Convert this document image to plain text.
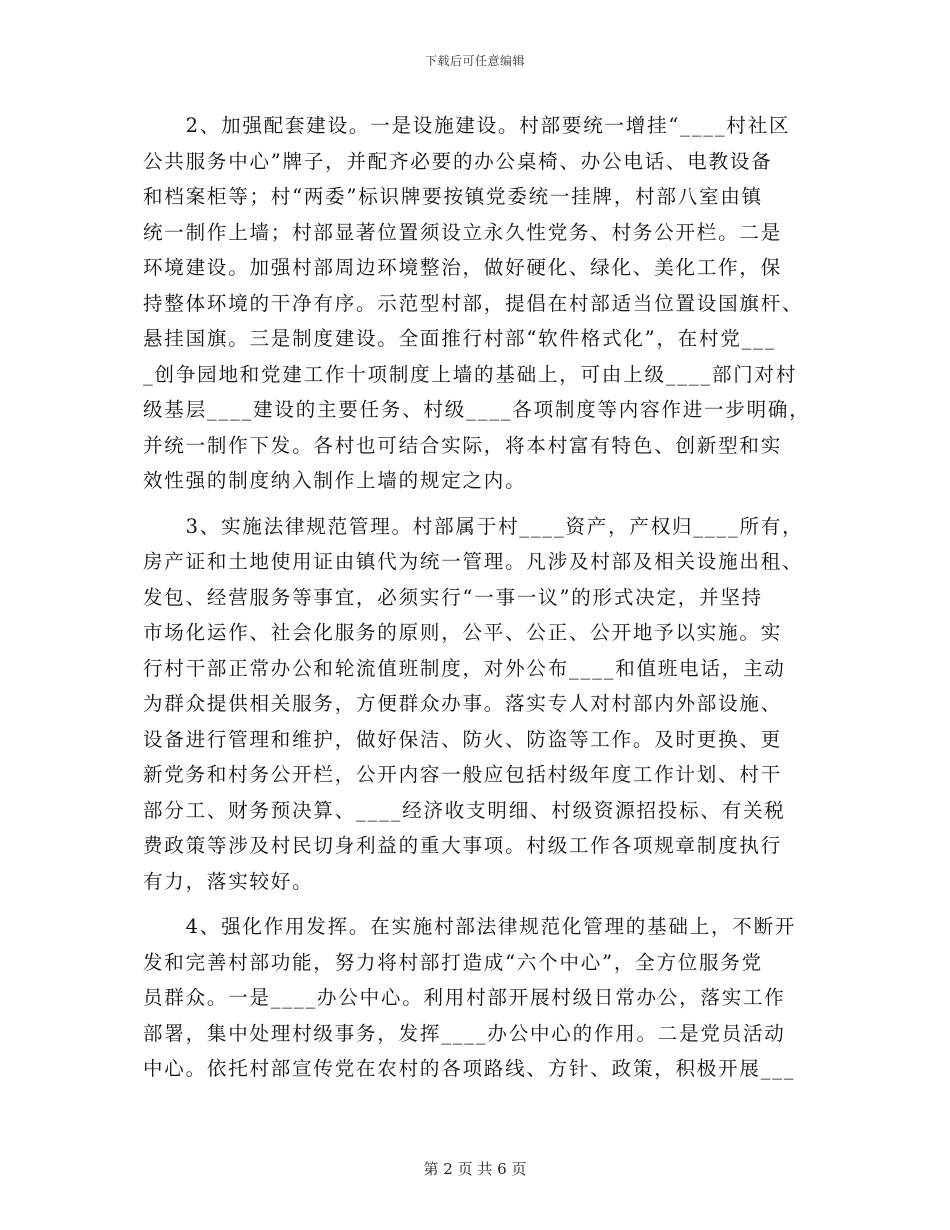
下载后可任意编辑
　　2、加强配套建设。一是设施建设。村部要统一增挂“____村社区
公共服务中心”牌子，并配齐必要的办公桌椅、办公电话、电教设备
和档案柜等；村“两委”标识牌要按镇党委统一挂牌，村部八室由镇
统一制作上墙；村部显著位置须设立永久性党务、村务公开栏。二是
环境建设。加强村部周边环境整治，做好硬化、绿化、美化工作，保
持整体环境的干净有序。示范型村部，提倡在村部适当位置设国旗杆、
悬挂国旗。三是制度建设。全面推行村部“软件格式化”，在村党___
_创争园地和党建工作十项制度上墙的基础上，可由上级____部门对村
级基层____建设的主要任务、村级____各项制度等内容作进一步明确，
并统一制作下发。各村也可结合实际，将本村富有特色、创新型和实
效性强的制度纳入制作上墙的规定之内。
　　3、实施法律规范管理。村部属于村____资产，产权归____所有，
房产证和土地使用证由镇代为统一管理。凡涉及村部及相关设施出租、
发包、经营服务等事宜，必须实行“一事一议”的形式决定，并坚持
市场化运作、社会化服务的原则，公平、公正、公开地予以实施。实
行村干部正常办公和轮流值班制度，对外公布____和值班电话，主动
为群众提供相关服务，方便群众办事。落实专人对村部内外部设施、
设备进行管理和维护，做好保洁、防火、防盗等工作。及时更换、更
新党务和村务公开栏，公开内容一般应包括村级年度工作计划、村干
部分工、财务预决算、____经济收支明细、村级资源招投标、有关税
费政策等涉及村民切身利益的重大事项。村级工作各项规章制度执行
有力，落实较好。
　　4、强化作用发挥。在实施村部法律规范化管理的基础上，不断开
发和完善村部功能，努力将村部打造成“六个中心”，全方位服务党
员群众。一是____办公中心。利用村部开展村级日常办公，落实工作
部署，集中处理村级事务，发挥____办公中心的作用。二是党员活动
中心。依托村部宣传党在农村的各项路线、方针、政策，积极开展___
第 2 页 共 6 页
